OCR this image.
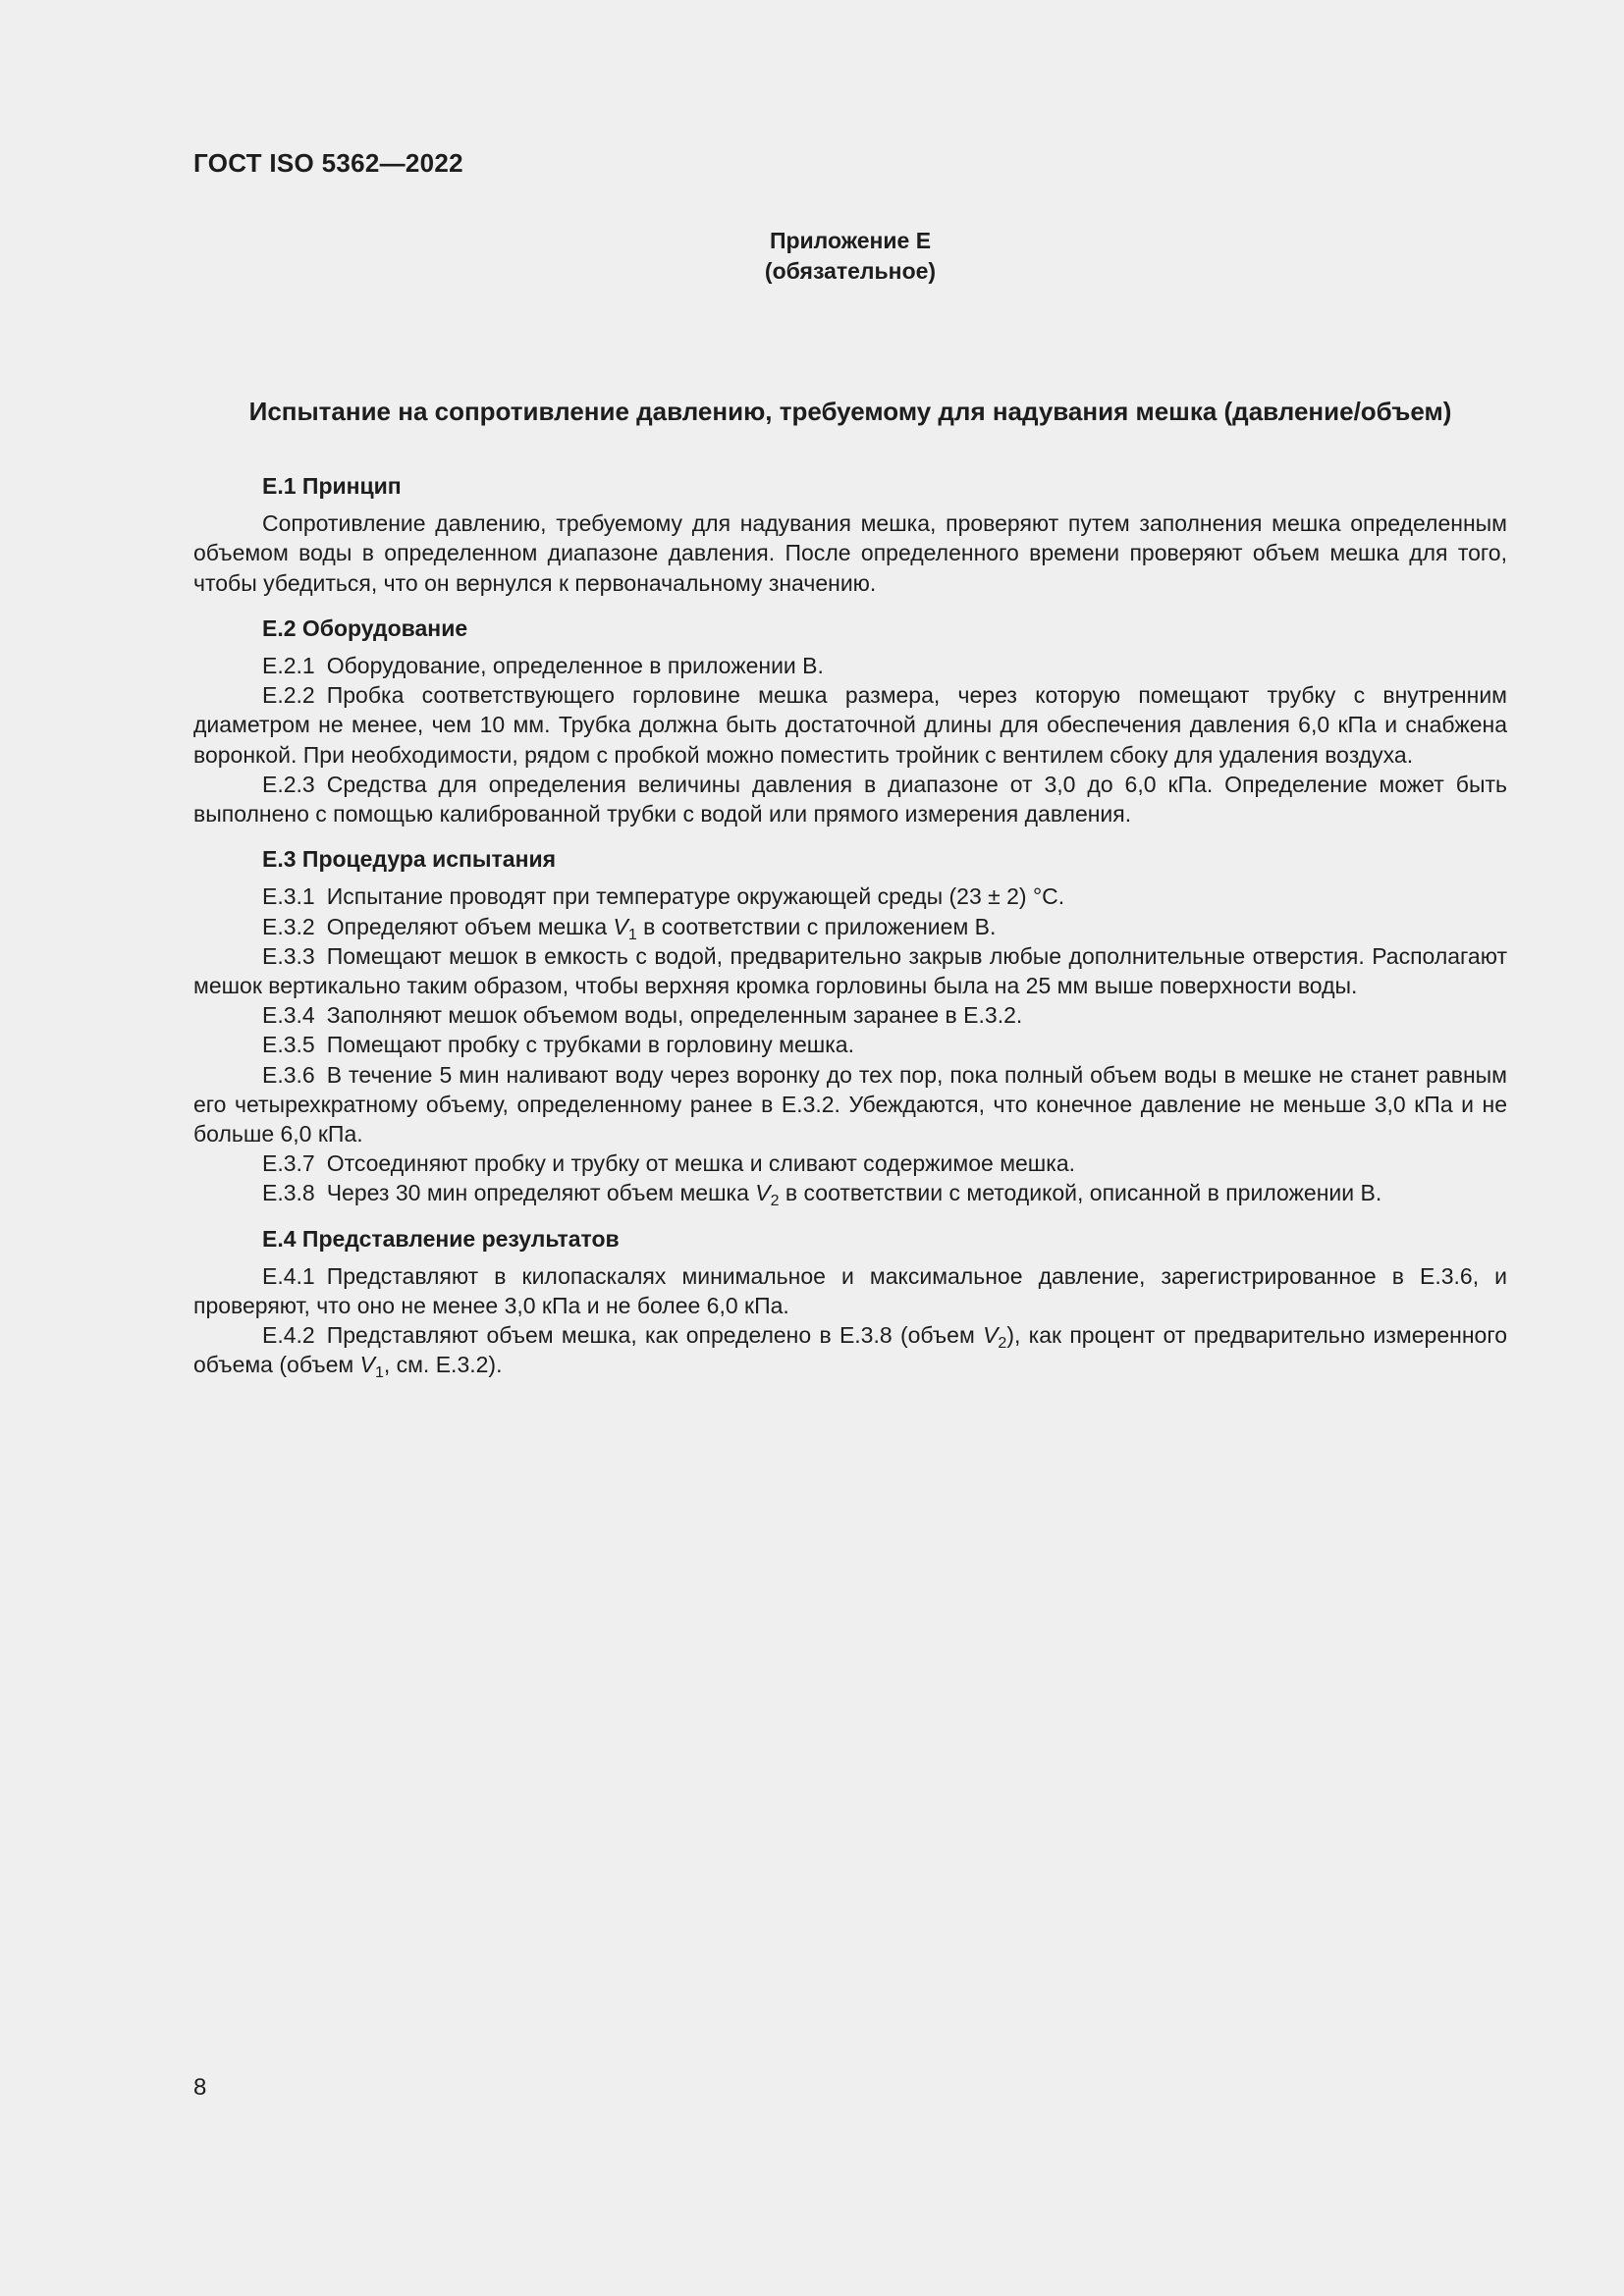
ГОСТ ISO 5362—2022
Приложение Е
(обязательное)
Испытание на сопротивление давлению, требуемому для надувания мешка (давление/объем)
Е.1 Принцип

Сопротивление давлению, требуемому для надувания мешка, проверяют путем заполнения мешка определенным объемом воды в определенном диапазоне давления. После определенного времени проверяют объем мешка для того, чтобы убедиться, что он вернулся к первоначальному значению.

Е.2 Оборудование

Е.2.1 Оборудование, определенное в приложении В.

Е.2.2 Пробка соответствующего горловине мешка размера, через которую помещают трубку с внутренним диаметром не менее, чем 10 мм. Трубка должна быть достаточной длины для обеспечения давления 6,0 кПа и снабжена воронкой. При необходимости, рядом с пробкой можно поместить тройник с вентилем сбоку для удаления воздуха.

Е.2.3 Средства для определения величины давления в диапазоне от 3,0 до 6,0 кПа. Определение может быть выполнено с помощью калиброванной трубки с водой или прямого измерения давления.

Е.3 Процедура испытания

Е.3.1 Испытание проводят при температуре окружающей среды (23 ± 2) °С.

Е.3.2 Определяют объем мешка $V_1$ в соответствии с приложением В.

Е.3.3 Помещают мешок в емкость с водой, предварительно закрыв любые дополнительные отверстия. Располагают мешок вертикально таким образом, чтобы верхняя кромка горловины была на 25 мм выше поверхности воды.

Е.3.4 Заполняют мешок объемом воды, определенным заранее в Е.3.2.

Е.3.5 Помещают пробку с трубками в горловину мешка.

Е.3.6 В течение 5 мин наливают воду через воронку до тех пор, пока полный объем воды в мешке не станет равным его четырехкратному объему, определенному ранее в Е.3.2. Убеждаются, что конечное давление не меньше 3,0 кПа и не больше 6,0 кПа.

Е.3.7 Отсоединяют пробку и трубку от мешка и сливают содержимое мешка.

Е.3.8 Через 30 мин определяют объем мешка $V_2$ в соответствии с методикой, описанной в приложении В.

Е.4 Представление результатов

Е.4.1 Представляют в килопаскалях минимальное и максимальное давление, зарегистрированное в Е.3.6, и проверяют, что оно не менее 3,0 кПа и не более 6,0 кПа.

Е.4.2 Представляют объем мешка, как определено в Е.3.8 (объем $V_2$), как процент от предварительно измеренного объема (объем $V_1$, см. Е.3.2).

8
